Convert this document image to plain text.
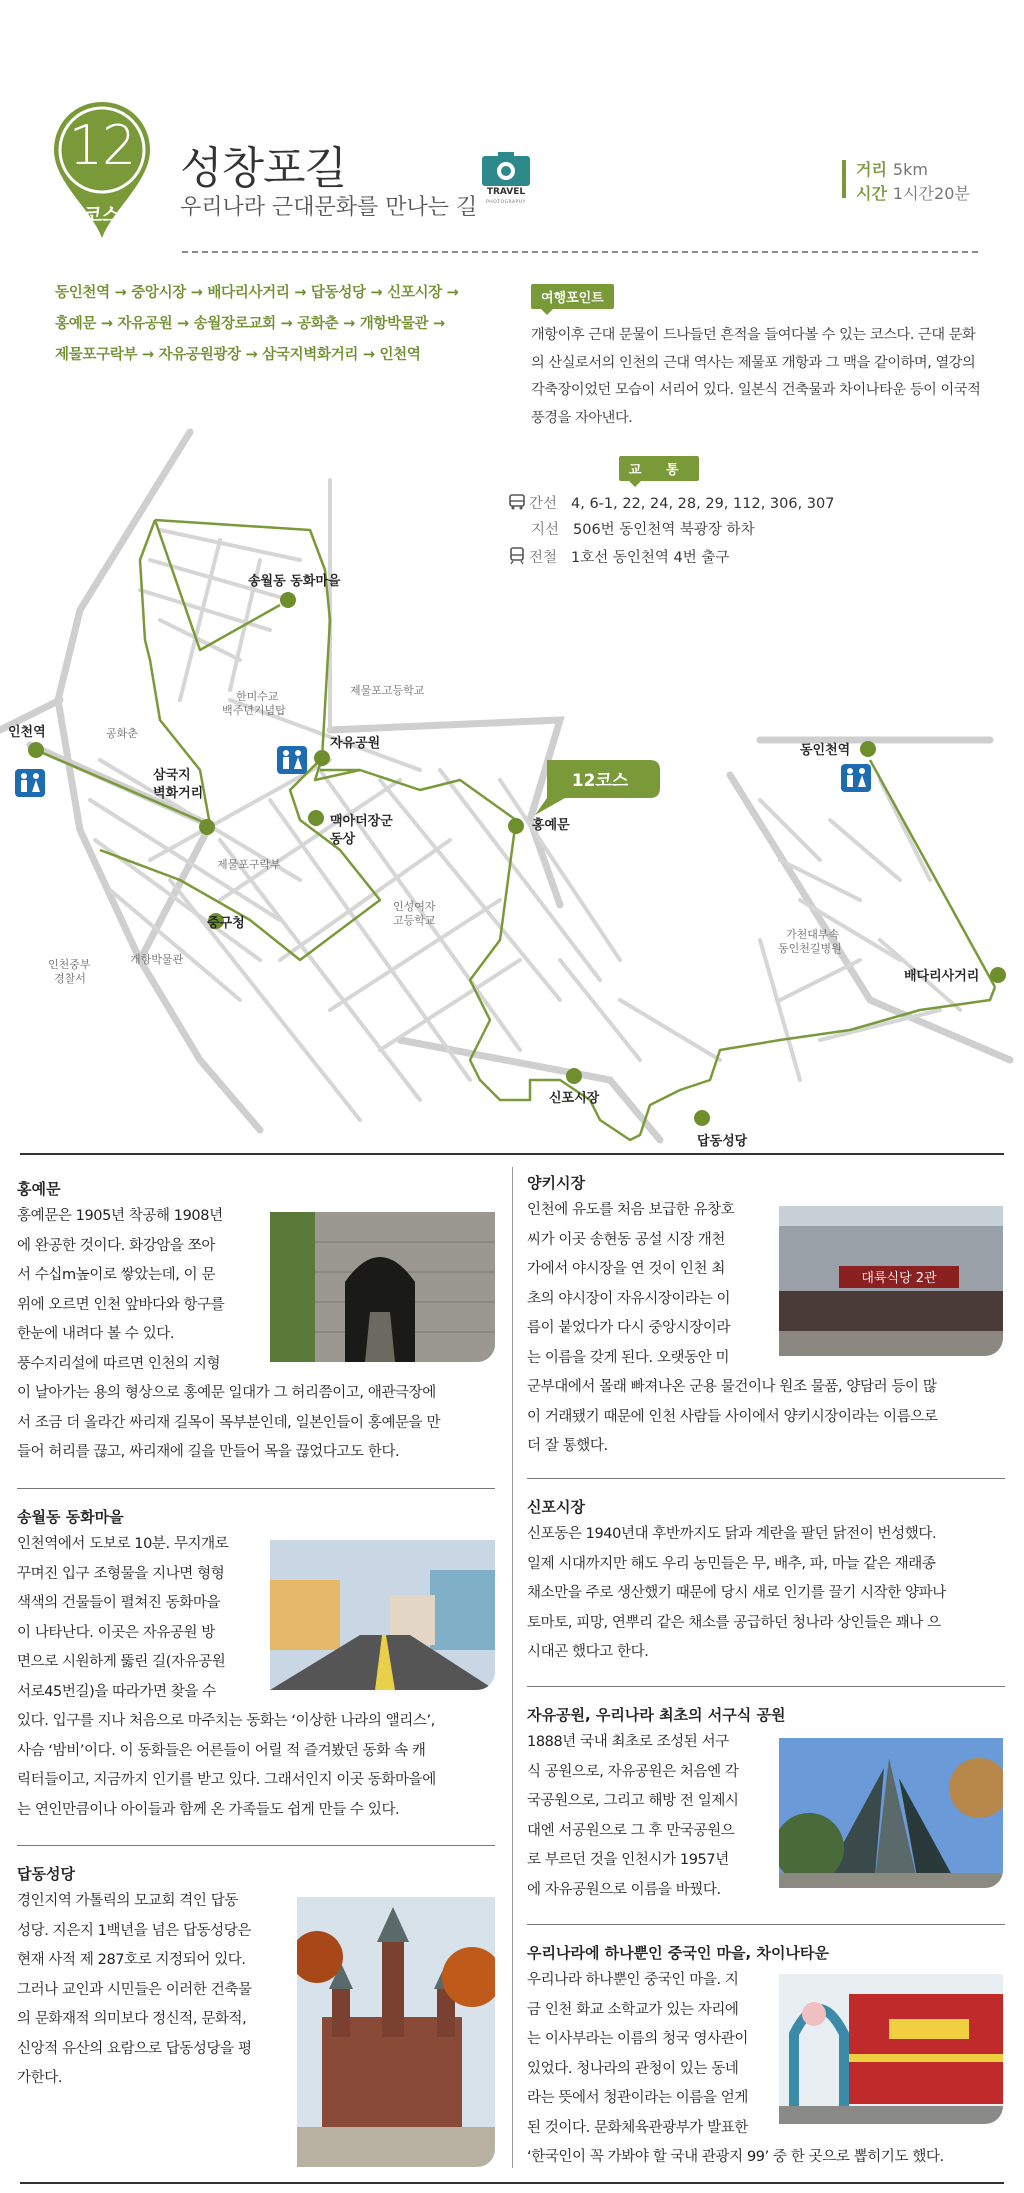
12
코스
성창포길
우리나라 근대문화를 만나는 길
TRAVEL
PHOTOGRAPHY
거리 5km
시간 1시간20분
동인천역 → 중앙시장 → 배다리사거리 → 답동성당 → 신포시장 →
홍예문 → 자유공원 → 송월장로교회 → 공화춘 → 개항박물관 →
제물포구락부 → 자유공원광장 → 삼국지벽화거리 → 인천역
여행포인트
개항이후 근대 문물이 드나들던 흔적을 들여다볼 수 있는 코스다. 근대 문화의 산실로서의 인천의 근대 역사는 제물포 개항과 그 맥을 같이하며, 열강의 각축장이었던 모습이 서리어 있다. 일본식 건축물과 차이나타운 등이 이국적 풍경을 자아낸다.
교 통
간선 4, 6-1, 22, 24, 28, 29, 112, 306, 307
지선 506번 동인천역 북광장 하차
전철 1호선 동인천역 4번 출구
12코스
송월동 동화마을
인천역
자유공원
삼국지
벽화거리
맥아더장군
동상
홍예문
중구청
신포시장
답동성당
동인천역
배다리사거리
제물포고등학교
한미수교
백주년기념탑
공화춘
제물포구락부
인성여자
고등학교
개항박물관
인천중부
경찰서
가천대부속
동인천길병원
홍예문
홍예문은 1905년 착공해 1908년
에 완공한 것이다. 화강암을 쪼아
서 수십m높이로 쌓았는데, 이 문
위에 오르면 인천 앞바다와 항구를
한눈에 내려다 볼 수 있다.
풍수지리설에 따르면 인천의 지형
이 날아가는 용의 형상으로 홍예문 일대가 그 허리쯤이고, 애관극장에
서 조금 더 올라간 싸리재 길목이 목부분인데, 일본인들이 홍예문을 만
들어 허리를 끊고, 싸리재에 길을 만들어 목을 끊었다고도 한다.
송월동 동화마을
인천역에서 도보로 10분. 무지개로
꾸며진 입구 조형물을 지나면 형형
색색의 건물들이 펼쳐진 동화마을
이 나타난다. 이곳은 자유공원 방
면으로 시원하게 뚫린 길(자유공원
서로45번길)을 따라가면 찾을 수
있다. 입구를 지나 처음으로 마주치는 동화는 ‘이상한 나라의 앨리스’,
사슴 ‘밤비’이다. 이 동화들은 어른들이 어릴 적 즐겨봤던 동화 속 캐
릭터들이고, 지금까지 인기를 받고 있다. 그래서인지 이곳 동화마을에
는 연인만큼이나 아이들과 함께 온 가족들도 쉽게 만들 수 있다.
답동성당
경인지역 가톨릭의 모교회 격인 답동
성당. 지은지 1백년을 넘은 답동성당은
현재 사적 제 287호로 지정되어 있다.
그러나 교인과 시민들은 이러한 건축물
의 문화재적 의미보다 정신적, 문화적,
신앙적 유산의 요람으로 답동성당을 평
가한다.
양키시장
인천에 유도를 처음 보급한 유창호
씨가 이곳 송현동 공설 시장 개천
가에서 야시장을 연 것이 인천 최
초의 야시장이 자유시장이라는 이
름이 붙었다가 다시 중앙시장이라
는 이름을 갖게 된다. 오랫동안 미
군부대에서 몰래 빠져나온 군용 물건이나 원조 물품, 양담러 등이 많
이 거래됐기 때문에 인천 사람들 사이에서 양키시장이라는 이름으로
더 잘 통했다.
대륙식당 2관
신포시장
신포동은 1940년대 후반까지도 닭과 계란을 팔던 닭전이 번성했다.
일제 시대까지만 해도 우리 농민들은 무, 배추, 파, 마늘 같은 재래종
채소만을 주로 생산했기 때문에 당시 새로 인기를 끌기 시작한 양파나
토마토, 피망, 연뿌리 같은 채소를 공급하던 청나라 상인들은 꽤나 으
시대곤 했다고 한다.
자유공원, 우리나라 최초의 서구식 공원
1888년 국내 최초로 조성된 서구
식 공원으로, 자유공원은 처음엔 각
국공원으로, 그리고 해방 전 일제시
대엔 서공원으로 그 후 만국공원으
로 부르던 것을 인천시가 1957년
에 자유공원으로 이름을 바꿨다.
우리나라에 하나뿐인 중국인 마을, 차이나타운
우리나라 하나뿐인 중국인 마을. 지
금 인천 화교 소학교가 있는 자리에
는 이사부라는 이름의 청국 영사관이
있었다. 청나라의 관청이 있는 동네
라는 뜻에서 청관이라는 이름을 얻게
된 것이다. 문화체육관광부가 발표한
‘한국인이 꼭 가봐야 할 국내 관광지 99’ 중 한 곳으로 뽑히기도 했다.
